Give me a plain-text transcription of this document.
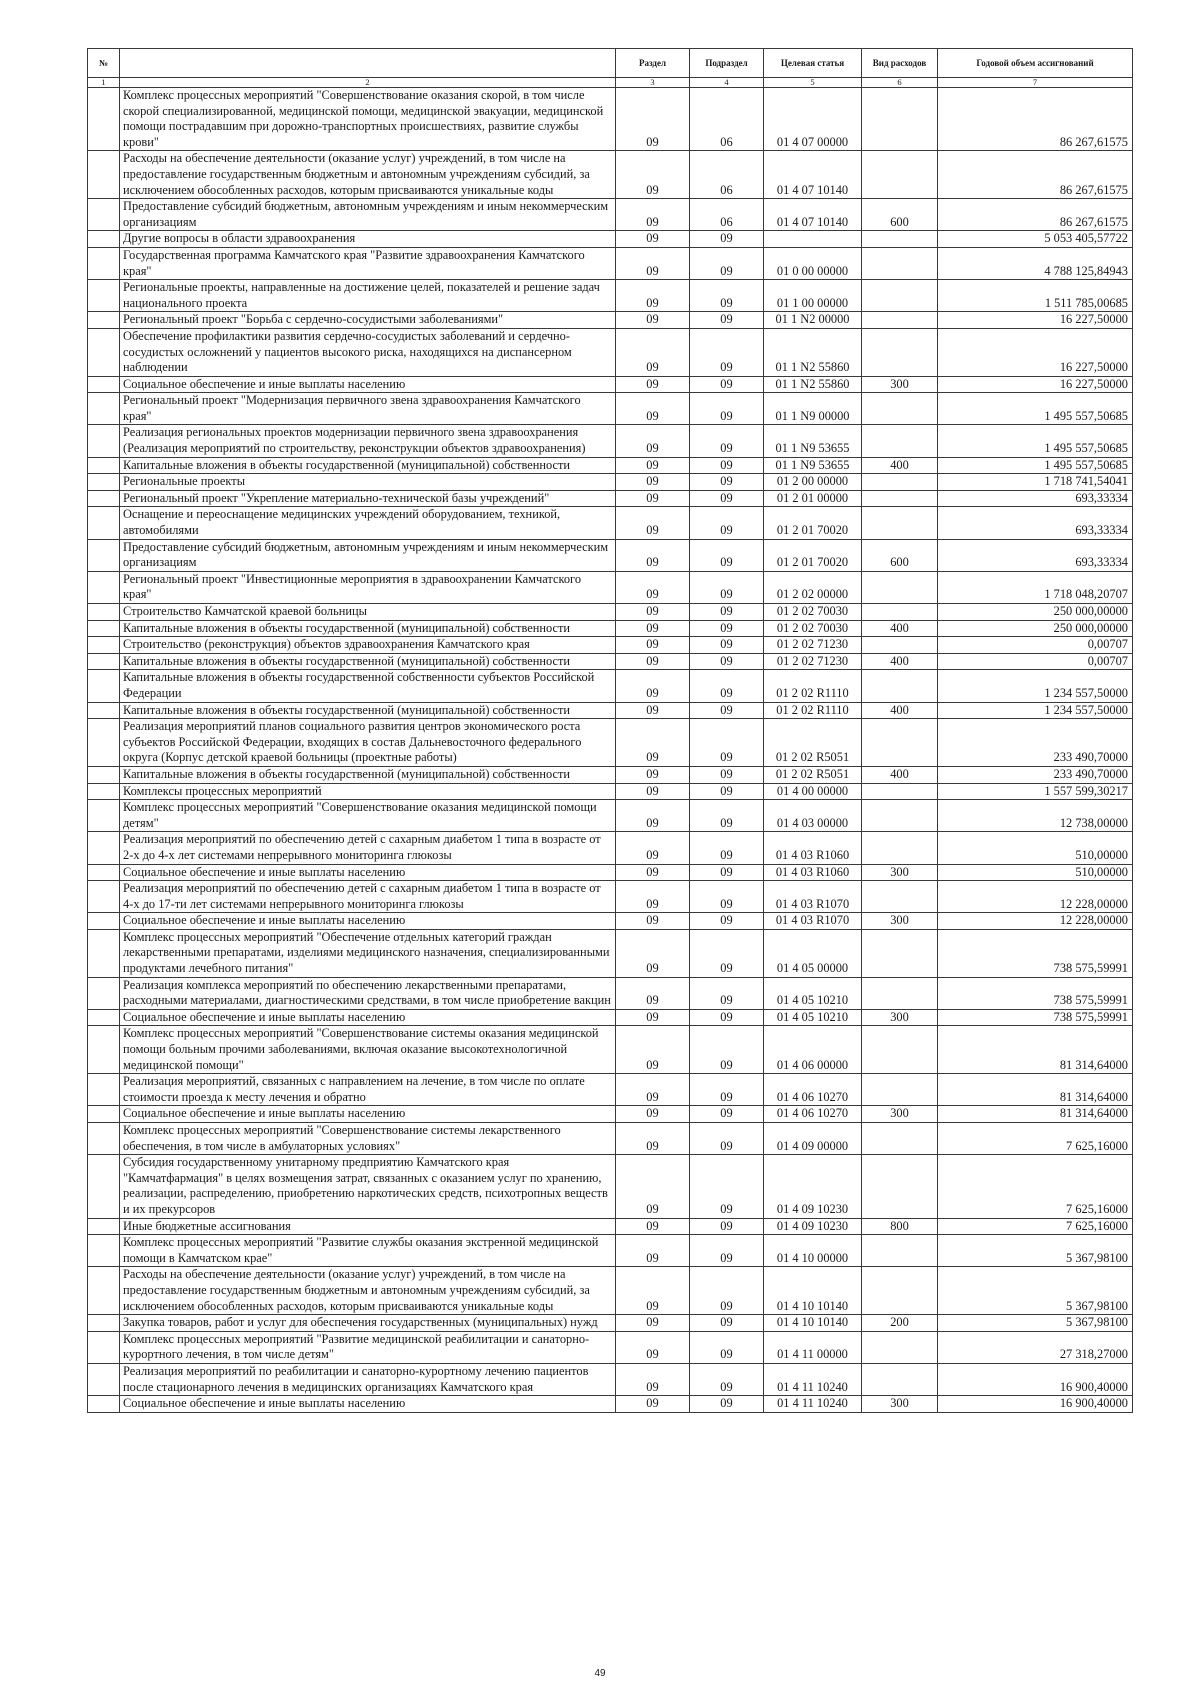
№		Раздел	Подраздел	Целевая статья	Вид расходов	Годовой объем ассигнований
1	2	3	4	5	6	7
	Комплекс процессных мероприятий "Совершенствование оказания скорой, в том числе скорой специализированной, медицинской помощи, медицинской эвакуации, медицинской помощи пострадавшим при дорожно-транспортных происшествиях, развитие службы крови"	09	06	01 4 07 00000		86 267,61575
	Расходы на обеспечение деятельности (оказание услуг) учреждений, в том числе на предоставление государственным бюджетным и автономным учреждениям субсидий, за исключением обособленных расходов, которым присваиваются уникальные коды	09	06	01 4 07 10140		86 267,61575
	Предоставление субсидий бюджетным, автономным учреждениям и иным некоммерческим организациям	09	06	01 4 07 10140	600	86 267,61575
	Другие вопросы в области здравоохранения	09	09			5 053 405,57722
	Государственная программа Камчатского края "Развитие здравоохранения Камчатского края"	09	09	01 0 00 00000		4 788 125,84943
	Региональные проекты, направленные на достижение целей, показателей и решение задач национального проекта	09	09	01 1 00 00000		1 511 785,00685
	Региональный проект "Борьба с сердечно-сосудистыми заболеваниями"	09	09	01 1 N2 00000		16 227,50000
	Обеспечение профилактики развития сердечно-сосудистых заболеваний и сердечно-сосудистых осложнений у пациентов высокого риска, находящихся на диспансерном наблюдении	09	09	01 1 N2 55860		16 227,50000
	Социальное обеспечение и иные выплаты населению	09	09	01 1 N2 55860	300	16 227,50000
	Региональный проект "Модернизация первичного звена здравоохранения Камчатского края"	09	09	01 1 N9 00000		1 495 557,50685
	Реализация региональных проектов модернизации первичного звена здравоохранения (Реализация мероприятий по строительству, реконструкции объектов здравоохранения)	09	09	01 1 N9 53655		1 495 557,50685
	Капитальные вложения в объекты государственной (муниципальной) собственности	09	09	01 1 N9 53655	400	1 495 557,50685
	Региональные проекты	09	09	01 2 00 00000		1 718 741,54041
	Региональный проект "Укрепление материально-технической базы учреждений"	09	09	01 2 01 00000		693,33334
	Оснащение и переоснащение медицинских учреждений оборудованием, техникой, автомобилями	09	09	01 2 01 70020		693,33334
	Предоставление субсидий бюджетным, автономным учреждениям и иным некоммерческим организациям	09	09	01 2 01 70020	600	693,33334
	Региональный проект "Инвестиционные мероприятия в здравоохранении Камчатского края"	09	09	01 2 02 00000		1 718 048,20707
	Строительство Камчатской краевой больницы	09	09	01 2 02 70030		250 000,00000
	Капитальные вложения в объекты государственной (муниципальной) собственности	09	09	01 2 02 70030	400	250 000,00000
	Строительство (реконструкция) объектов здравоохранения Камчатского края	09	09	01 2 02 71230		0,00707
	Капитальные вложения в объекты государственной (муниципальной) собственности	09	09	01 2 02 71230	400	0,00707
	Капитальные вложения в объекты государственной собственности субъектов Российской Федерации	09	09	01 2 02 R1110		1 234 557,50000
	Капитальные вложения в объекты государственной (муниципальной) собственности	09	09	01 2 02 R1110	400	1 234 557,50000
	Реализация мероприятий планов социального развития центров экономического роста субъектов Российской Федерации, входящих в состав Дальневосточного федерального округа (Корпус детской краевой больницы (проектные работы)	09	09	01 2 02 R5051		233 490,70000
	Капитальные вложения в объекты государственной (муниципальной) собственности	09	09	01 2 02 R5051	400	233 490,70000
	Комплексы процессных мероприятий	09	09	01 4 00 00000		1 557 599,30217
	Комплекс процессных мероприятий "Совершенствование оказания медицинской помощи детям"	09	09	01 4 03 00000		12 738,00000
	Реализация мероприятий по обеспечению детей с сахарным диабетом 1 типа в возрасте от 2-х до 4-х лет системами непрерывного мониторинга глюкозы	09	09	01 4 03 R1060		510,00000
	Социальное обеспечение и иные выплаты населению	09	09	01 4 03 R1060	300	510,00000
	Реализация мероприятий по обеспечению детей с сахарным диабетом 1 типа в возрасте от 4-х до 17-ти лет системами непрерывного мониторинга глюкозы	09	09	01 4 03 R1070		12 228,00000
	Социальное обеспечение и иные выплаты населению	09	09	01 4 03 R1070	300	12 228,00000
	Комплекс процессных мероприятий "Обеспечение отдельных категорий граждан лекарственными препаратами, изделиями медицинского назначения, специализированными продуктами лечебного питания"	09	09	01 4 05 00000		738 575,59991
	Реализация комплекса мероприятий по обеспечению лекарственными препаратами, расходными материалами, диагностическими средствами, в том числе приобретение вакцин	09	09	01 4 05 10210		738 575,59991
	Социальное обеспечение и иные выплаты населению	09	09	01 4 05 10210	300	738 575,59991
	Комплекс процессных мероприятий "Совершенствование системы оказания медицинской помощи больным прочими заболеваниями, включая оказание высокотехнологичной медицинской помощи"	09	09	01 4 06 00000		81 314,64000
	Реализация мероприятий, связанных с направлением на лечение, в том числе по оплате стоимости проезда к месту лечения и обратно	09	09	01 4 06 10270		81 314,64000
	Социальное обеспечение и иные выплаты населению	09	09	01 4 06 10270	300	81 314,64000
	Комплекс процессных мероприятий "Совершенствование системы лекарственного обеспечения, в том числе в амбулаторных условиях"	09	09	01 4 09 00000		7 625,16000
	Субсидия государственному унитарному предприятию Камчатского края "Камчатфармация" в целях возмещения затрат, связанных с оказанием услуг по хранению, реализации, распределению, приобретению наркотических средств, психотропных веществ и их прекурсоров	09	09	01 4 09 10230		7 625,16000
	Иные бюджетные ассигнования	09	09	01 4 09 10230	800	7 625,16000
	Комплекс процессных мероприятий "Развитие службы оказания экстренной медицинской помощи в Камчатском крае"	09	09	01 4 10 00000		5 367,98100
	Расходы на обеспечение деятельности (оказание услуг) учреждений, в том числе на предоставление государственным бюджетным и автономным учреждениям субсидий, за исключением обособленных расходов, которым присваиваются уникальные коды	09	09	01 4 10 10140		5 367,98100
	Закупка товаров, работ и услуг для обеспечения государственных (муниципальных) нужд	09	09	01 4 10 10140	200	5 367,98100
	Комплекс процессных мероприятий "Развитие медицинской реабилитации и санаторно-курортного лечения, в том числе детям"	09	09	01 4 11 00000		27 318,27000
	Реализация мероприятий по реабилитации и санаторно-курортному лечению пациентов после стационарного лечения в медицинских организациях Камчатского края	09	09	01 4 11 10240		16 900,40000
	Социальное обеспечение и иные выплаты населению	09	09	01 4 11 10240	300	16 900,40000
49
